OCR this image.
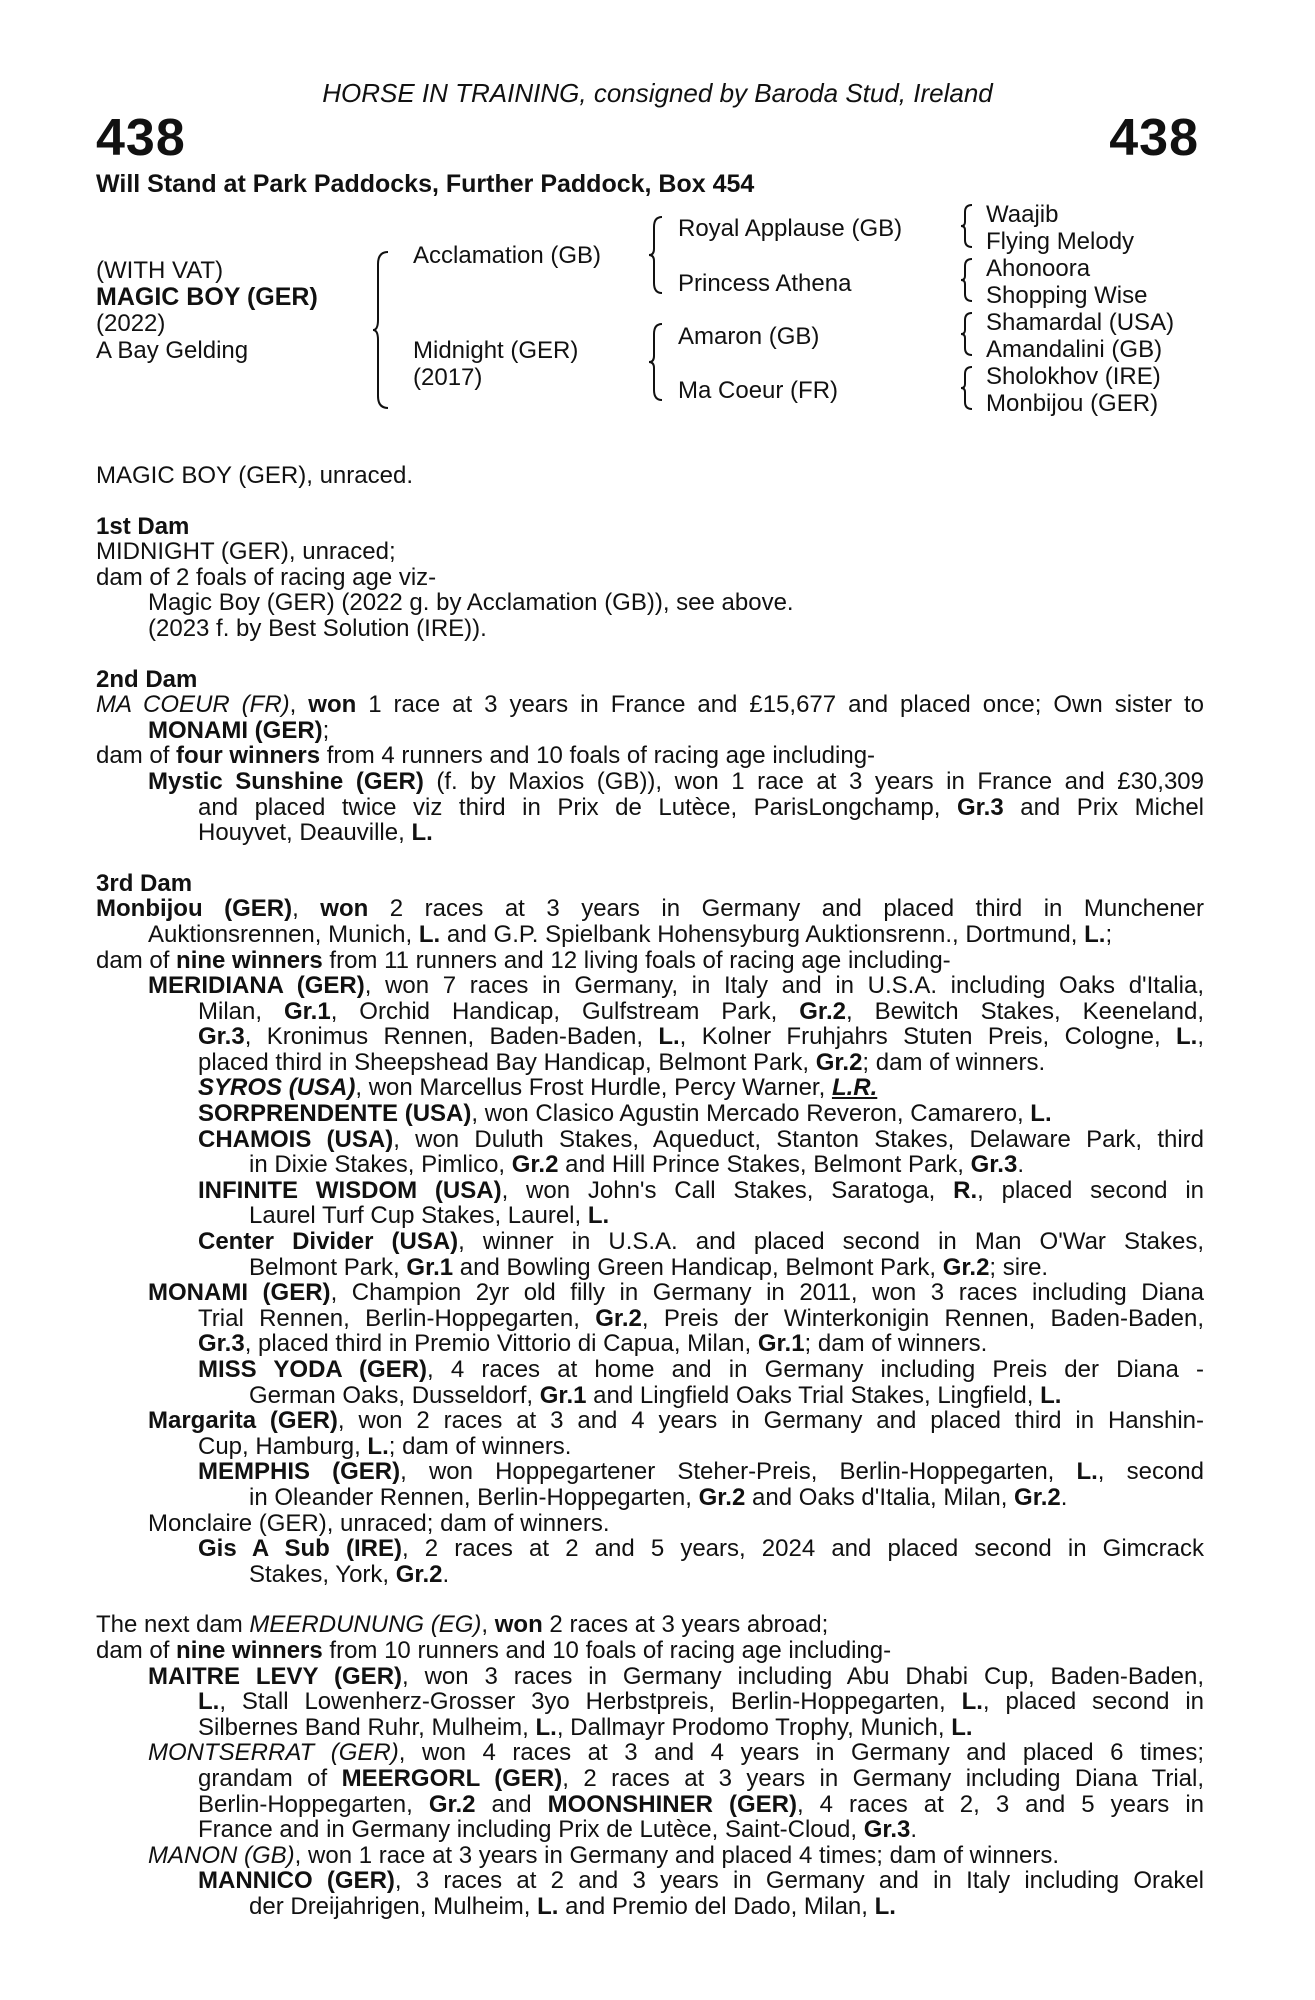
HORSE IN TRAINING, consigned by Baroda Stud, Ireland
438	438
Will Stand at Park Paddocks, Further Paddock, Box 454
(WITH VAT)
MAGIC BOY (GER)
(2022)
A Bay Gelding
Acclamation (GB)
Midnight (GER)
(2017)
Royal Applause (GB)
Princess Athena
Amaron (GB)
Ma Coeur (FR)
Waajib
Flying Melody
Ahonoora
Shopping Wise
Shamardal (USA)
Amandalini (GB)
Sholokhov (IRE)
Monbijou (GER)
MAGIC BOY (GER), unraced.
1st Dam
MIDNIGHT (GER), unraced;
dam of 2 foals of racing age viz-
Magic Boy (GER) (2022 g. by Acclamation (GB)), see above.
(2023 f. by Best Solution (IRE)).
2nd Dam
MA COEUR (FR), won 1 race at 3 years in France and £15,677 and placed once; Own sister to
MONAMI (GER);
dam of four winners from 4 runners and 10 foals of racing age including-
Mystic Sunshine (GER) (f. by Maxios (GB)), won 1 race at 3 years in France and £30,309
and placed twice viz third in Prix de Lutèce, ParisLongchamp, Gr.3 and Prix Michel
Houyvet, Deauville, L.
3rd Dam
Monbijou (GER), won 2 races at 3 years in Germany and placed third in Munchener
Auktionsrennen, Munich, L. and G.P. Spielbank Hohensyburg Auktionsrenn., Dortmund, L.;
dam of nine winners from 11 runners and 12 living foals of racing age including-
MERIDIANA (GER), won 7 races in Germany, in Italy and in U.S.A. including Oaks d'Italia,
Milan, Gr.1, Orchid Handicap, Gulfstream Park, Gr.2, Bewitch Stakes, Keeneland,
Gr.3, Kronimus Rennen, Baden-Baden, L., Kolner Fruhjahrs Stuten Preis, Cologne, L.,
placed third in Sheepshead Bay Handicap, Belmont Park, Gr.2; dam of winners.
SYROS (USA), won Marcellus Frost Hurdle, Percy Warner, L.R.
SORPRENDENTE (USA), won Clasico Agustin Mercado Reveron, Camarero, L.
CHAMOIS (USA), won Duluth Stakes, Aqueduct, Stanton Stakes, Delaware Park, third
in Dixie Stakes, Pimlico, Gr.2 and Hill Prince Stakes, Belmont Park, Gr.3.
INFINITE WISDOM (USA), won John's Call Stakes, Saratoga, R., placed second in
Laurel Turf Cup Stakes, Laurel, L.
Center Divider (USA), winner in U.S.A. and placed second in Man O'War Stakes,
Belmont Park, Gr.1 and Bowling Green Handicap, Belmont Park, Gr.2; sire.
MONAMI (GER), Champion 2yr old filly in Germany in 2011, won 3 races including Diana
Trial Rennen, Berlin-Hoppegarten, Gr.2, Preis der Winterkonigin Rennen, Baden-Baden,
Gr.3, placed third in Premio Vittorio di Capua, Milan, Gr.1; dam of winners.
MISS YODA (GER), 4 races at home and in Germany including Preis der Diana -
German Oaks, Dusseldorf, Gr.1 and Lingfield Oaks Trial Stakes, Lingfield, L.
Margarita (GER), won 2 races at 3 and 4 years in Germany and placed third in Hanshin-
Cup, Hamburg, L.; dam of winners.
MEMPHIS (GER), won Hoppegartener Steher-Preis, Berlin-Hoppegarten, L., second
in Oleander Rennen, Berlin-Hoppegarten, Gr.2 and Oaks d'Italia, Milan, Gr.2.
Monclaire (GER), unraced; dam of winners.
Gis A Sub (IRE), 2 races at 2 and 5 years, 2024 and placed second in Gimcrack
Stakes, York, Gr.2.
The next dam MEERDUNUNG (EG), won 2 races at 3 years abroad;
dam of nine winners from 10 runners and 10 foals of racing age including-
MAITRE LEVY (GER), won 3 races in Germany including Abu Dhabi Cup, Baden-Baden,
L., Stall Lowenherz-Grosser 3yo Herbstpreis, Berlin-Hoppegarten, L., placed second in
Silbernes Band Ruhr, Mulheim, L., Dallmayr Prodomo Trophy, Munich, L.
MONTSERRAT (GER), won 4 races at 3 and 4 years in Germany and placed 6 times;
grandam of MEERGORL (GER), 2 races at 3 years in Germany including Diana Trial,
Berlin-Hoppegarten, Gr.2 and MOONSHINER (GER), 4 races at 2, 3 and 5 years in
France and in Germany including Prix de Lutèce, Saint-Cloud, Gr.3.
MANON (GB), won 1 race at 3 years in Germany and placed 4 times; dam of winners.
MANNICO (GER), 3 races at 2 and 3 years in Germany and in Italy including Orakel
der Dreijahrigen, Mulheim, L. and Premio del Dado, Milan, L.
